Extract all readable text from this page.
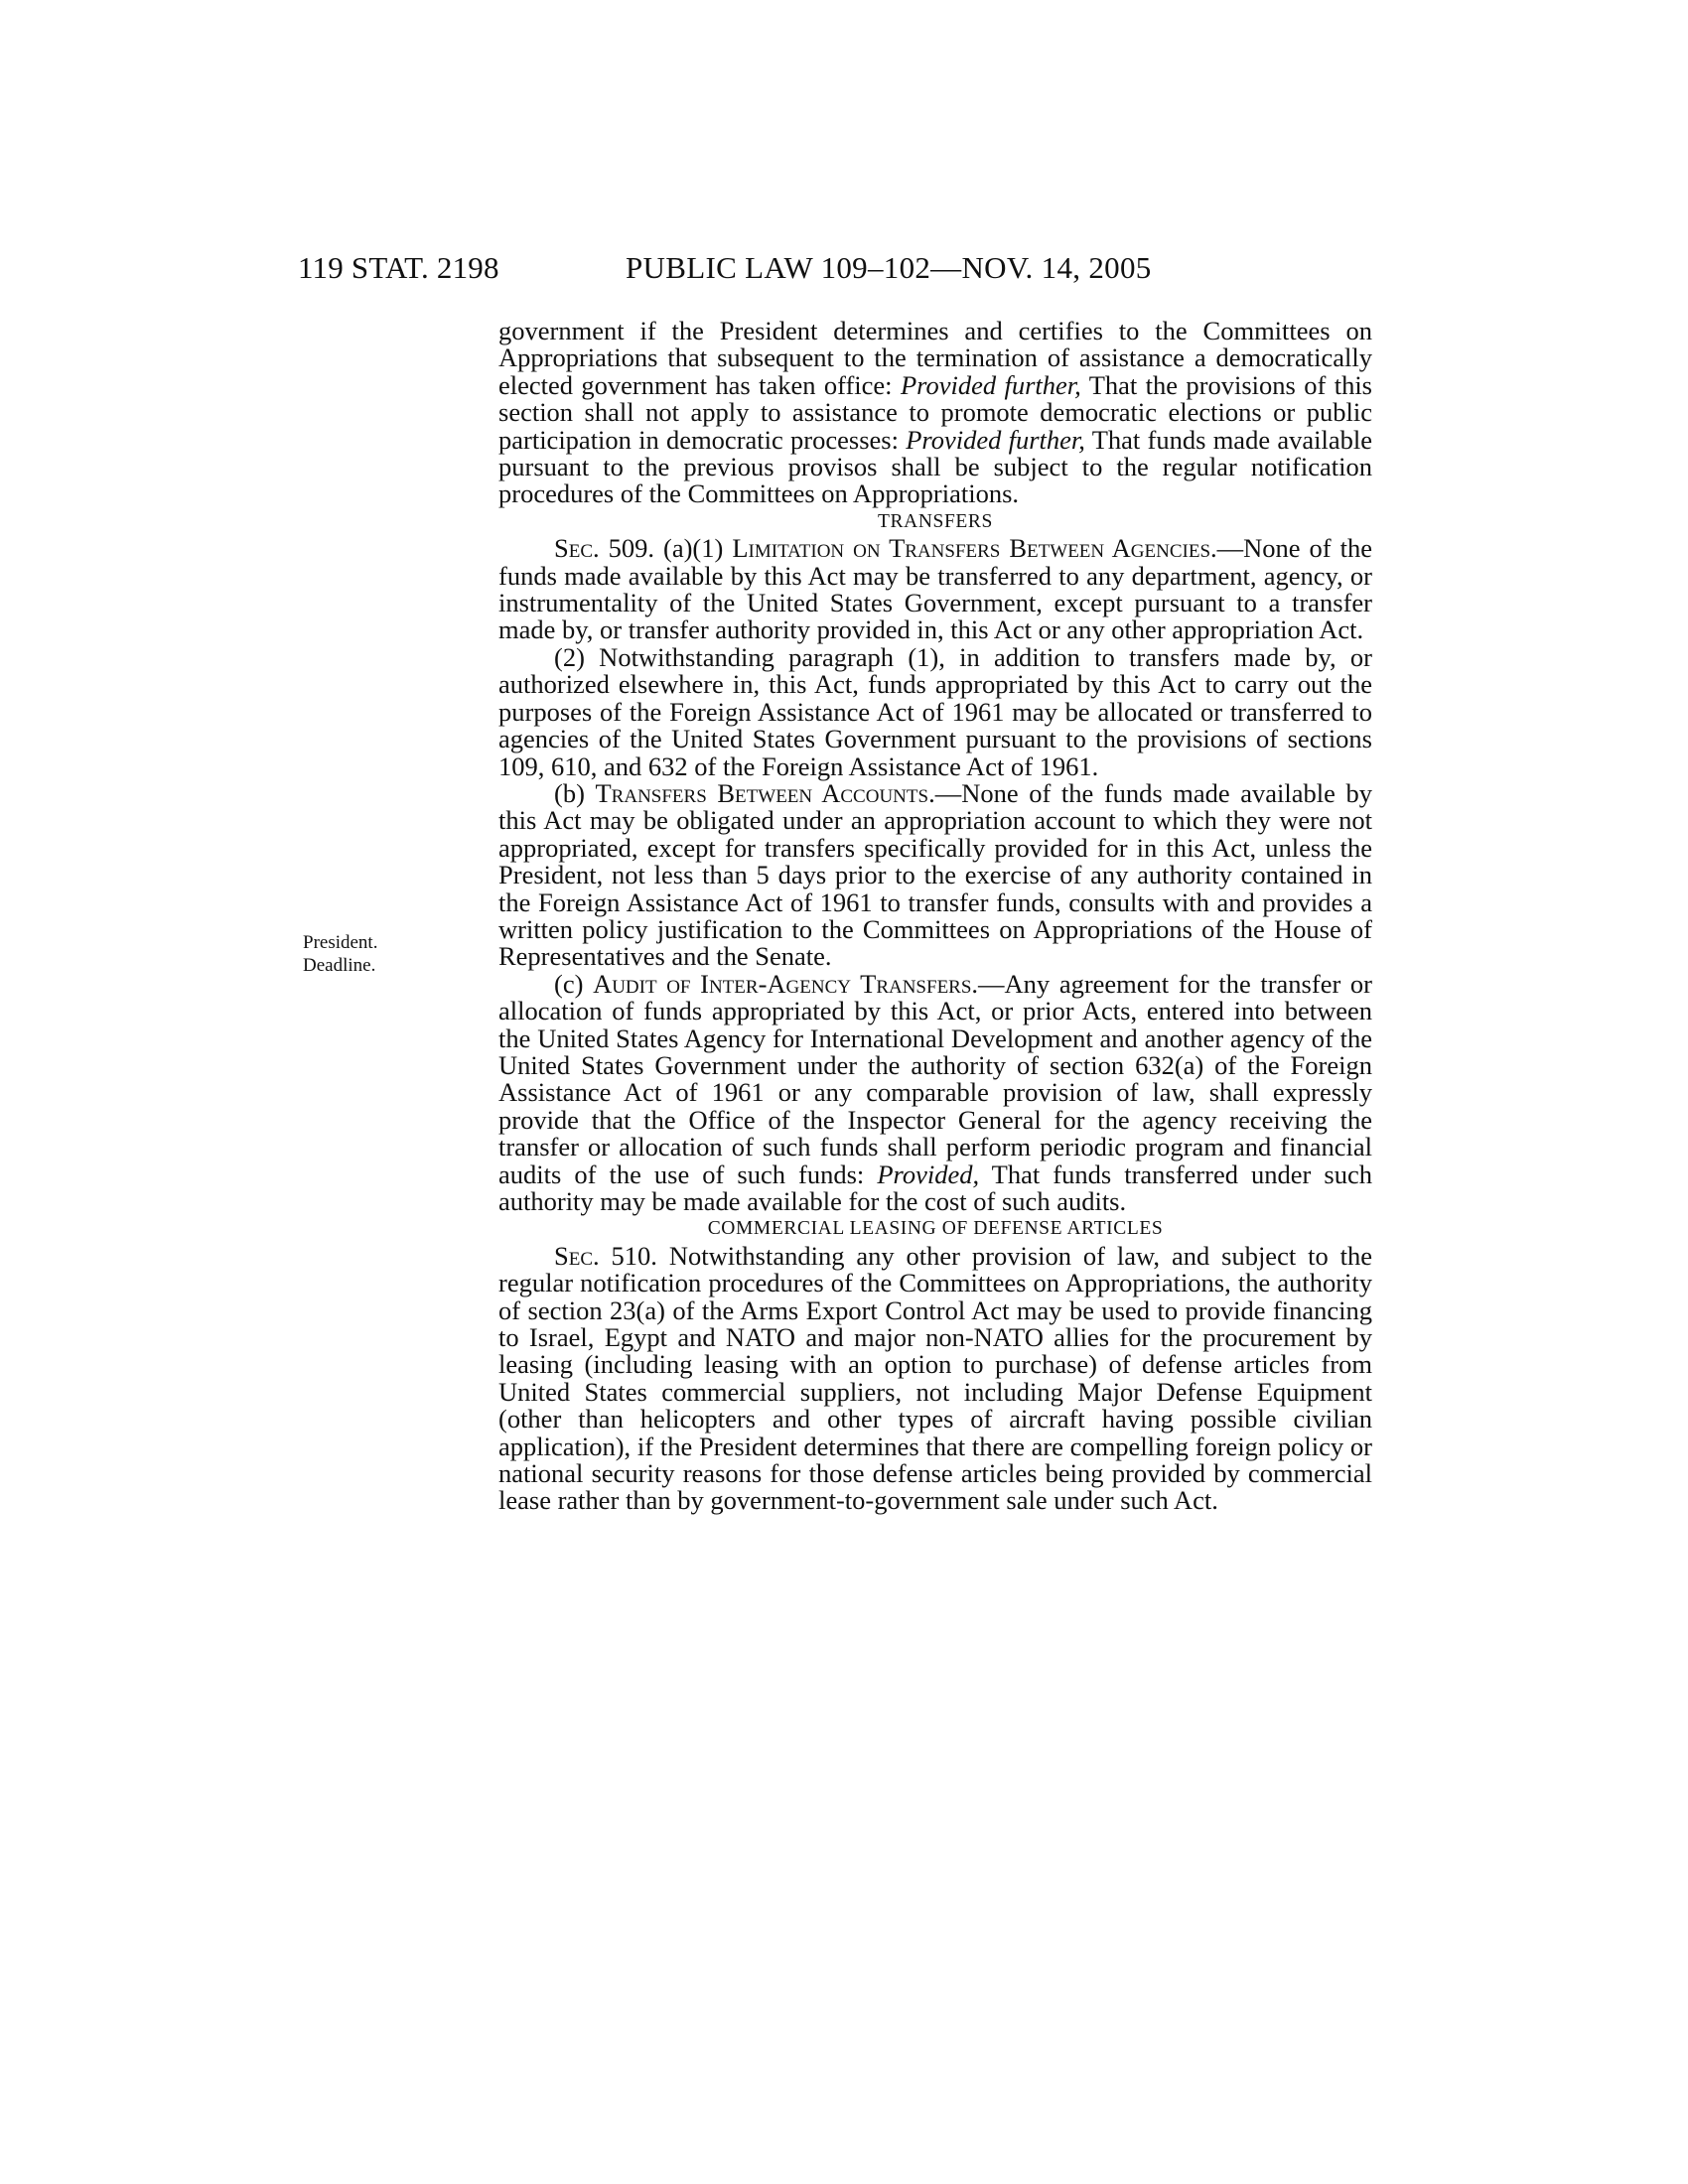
119 STAT. 2198	PUBLIC LAW 109–102—NOV. 14, 2005
President.
Deadline.

government if the President determines and certifies to the Committees on Appropriations that subsequent to the termination of assistance a democratically elected government has taken office: Provided further, That the provisions of this section shall not apply to assistance to promote democratic elections or public participation in democratic processes: Provided further, That funds made available pursuant to the previous provisos shall be subject to the regular notification procedures of the Committees on Appropriations.

TRANSFERS

Sec. 509. (a)(1) Limitation on Transfers Between Agencies.—None of the funds made available by this Act may be transferred to any department, agency, or instrumentality of the United States Government, except pursuant to a transfer made by, or transfer authority provided in, this Act or any other appropriation Act.

(2) Notwithstanding paragraph (1), in addition to transfers made by, or authorized elsewhere in, this Act, funds appropriated by this Act to carry out the purposes of the Foreign Assistance Act of 1961 may be allocated or transferred to agencies of the United States Government pursuant to the provisions of sections 109, 610, and 632 of the Foreign Assistance Act of 1961.

(b) Transfers Between Accounts.—None of the funds made available by this Act may be obligated under an appropriation account to which they were not appropriated, except for transfers specifically provided for in this Act, unless the President, not less than 5 days prior to the exercise of any authority contained in the Foreign Assistance Act of 1961 to transfer funds, consults with and provides a written policy justification to the Committees on Appropriations of the House of Representatives and the Senate.

(c) Audit of Inter-Agency Transfers.—Any agreement for the transfer or allocation of funds appropriated by this Act, or prior Acts, entered into between the United States Agency for International Development and another agency of the United States Government under the authority of section 632(a) of the Foreign Assistance Act of 1961 or any comparable provision of law, shall expressly provide that the Office of the Inspector General for the agency receiving the transfer or allocation of such funds shall perform periodic program and financial audits of the use of such funds: Provided, That funds transferred under such authority may be made available for the cost of such audits.

COMMERCIAL LEASING OF DEFENSE ARTICLES

Sec. 510. Notwithstanding any other provision of law, and subject to the regular notification procedures of the Committees on Appropriations, the authority of section 23(a) of the Arms Export Control Act may be used to provide financing to Israel, Egypt and NATO and major non-NATO allies for the procurement by leasing (including leasing with an option to purchase) of defense articles from United States commercial suppliers, not including Major Defense Equipment (other than helicopters and other types of aircraft having possible civilian application), if the President determines that there are compelling foreign policy or national security reasons for those defense articles being provided by commercial lease rather than by government-to-government sale under such Act.
